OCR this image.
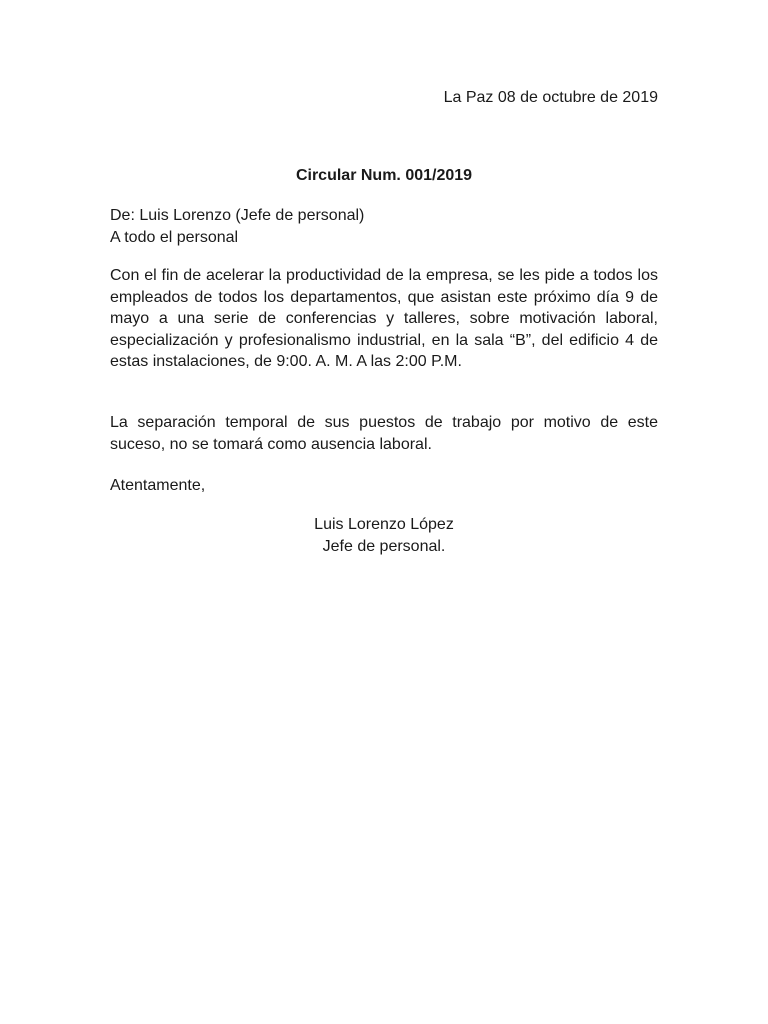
La Paz 08 de octubre de 2019
Circular Num. 001/2019
De: Luis Lorenzo (Jefe de personal)
A todo el personal
Con el fin de acelerar la productividad de la empresa, se les pide a todos los empleados de todos los departamentos, que asistan este próximo día 9 de mayo a una serie de conferencias y talleres, sobre motivación laboral, especialización y profesionalismo industrial, en la sala “B”, del edificio 4 de estas instalaciones, de 9:00. A. M. A las 2:00 P.M.
La separación temporal de sus puestos de trabajo por motivo de este suceso, no se tomará como ausencia laboral.
Atentamente,
Luis Lorenzo López
Jefe de personal.
